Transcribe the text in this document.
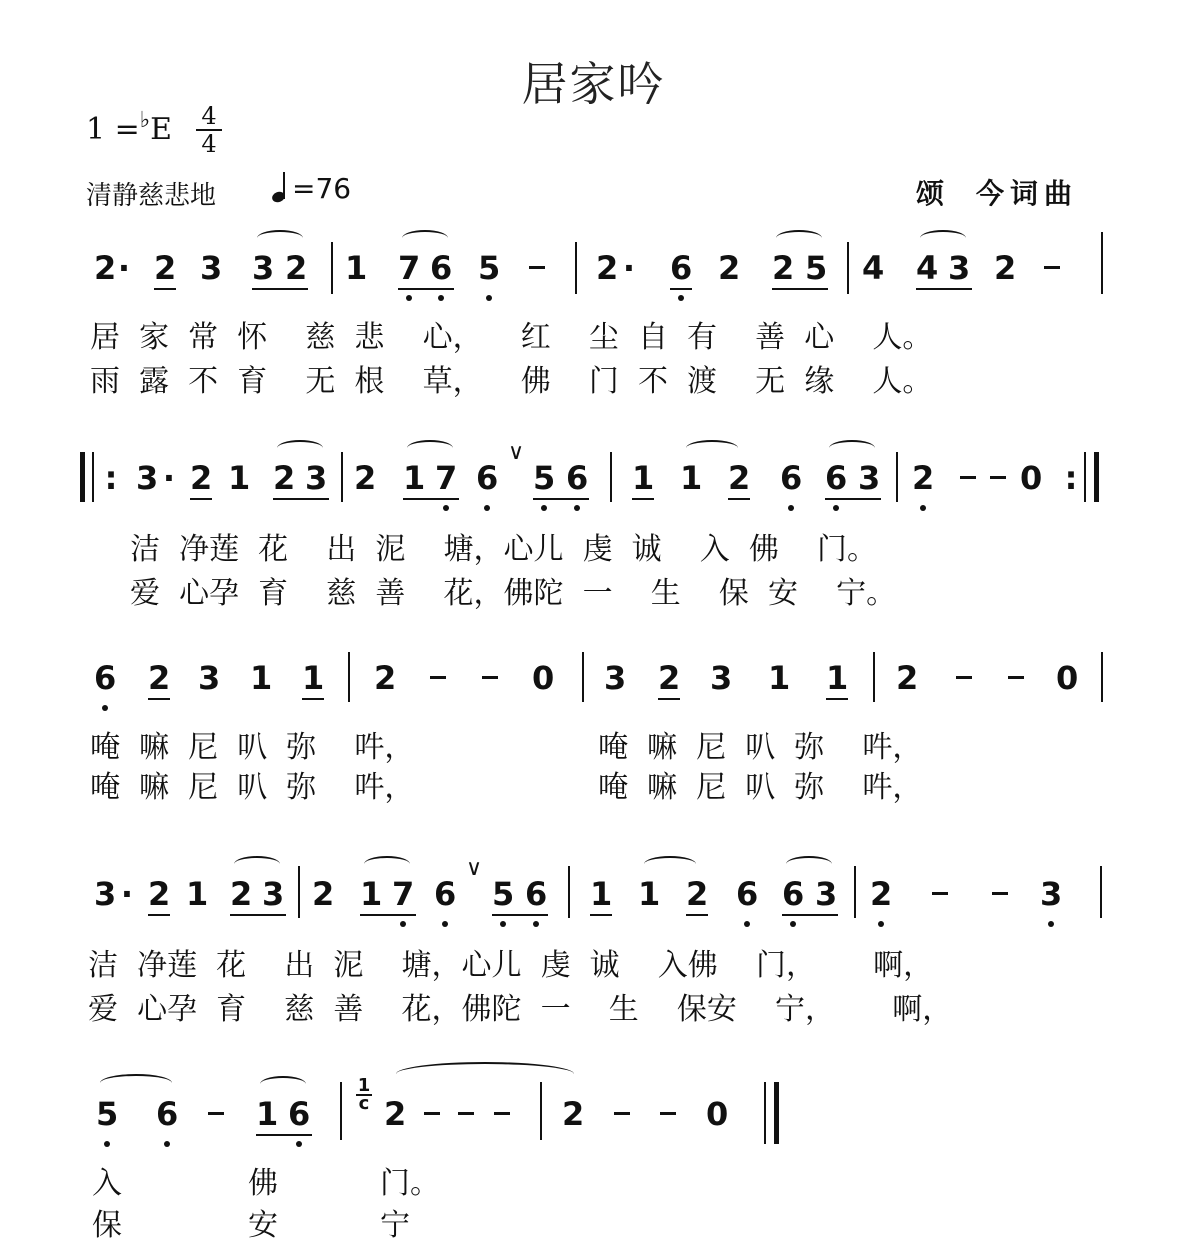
居家吟
1 =♭E 4
4
清静慈悲地	=76	颂 今词曲
2 · 2 3 3 2 1 7 6 5	2 · 6 2 2 5 4 4 3 2
居  家  常  怀    慈  悲    心，    红    尘  自  有    善  心    人。
雨  露  不  育    无  根    草，    佛    门  不  渡    无  缘    人。
: 3 · 2 1 2 3 2 1 7 6
∨
5 6 1 1 2 6 6 3 2	0 :
洁  净莲  花    出  泥    塘，心儿  虔  诚    入  佛    门。
爱  心孕  育    慈  善    花，佛陀  一    生    保  安    宁。
6 2 3 1 1 2	0 3 2 3 1 1 2	0
唵  嘛  尼  叭  弥    吽，	唵  嘛  尼  叭  弥    吽，
唵  嘛  尼  叭  弥    吽，	唵  嘛  尼  叭  弥    吽，
3 · 2 1 2 3 2 1 7 6
∨
5 6 1 1 2 6 6 3 2	3
洁  净莲  花    出  泥    塘，心儿  虔  诚    入佛    门，      啊，
爱  心孕  育    慈  善    花，佛陀  一    生    保安    宁，      啊，
5 6 1 6
1
c 2	2	0
入	佛	门。
保	安	宁
